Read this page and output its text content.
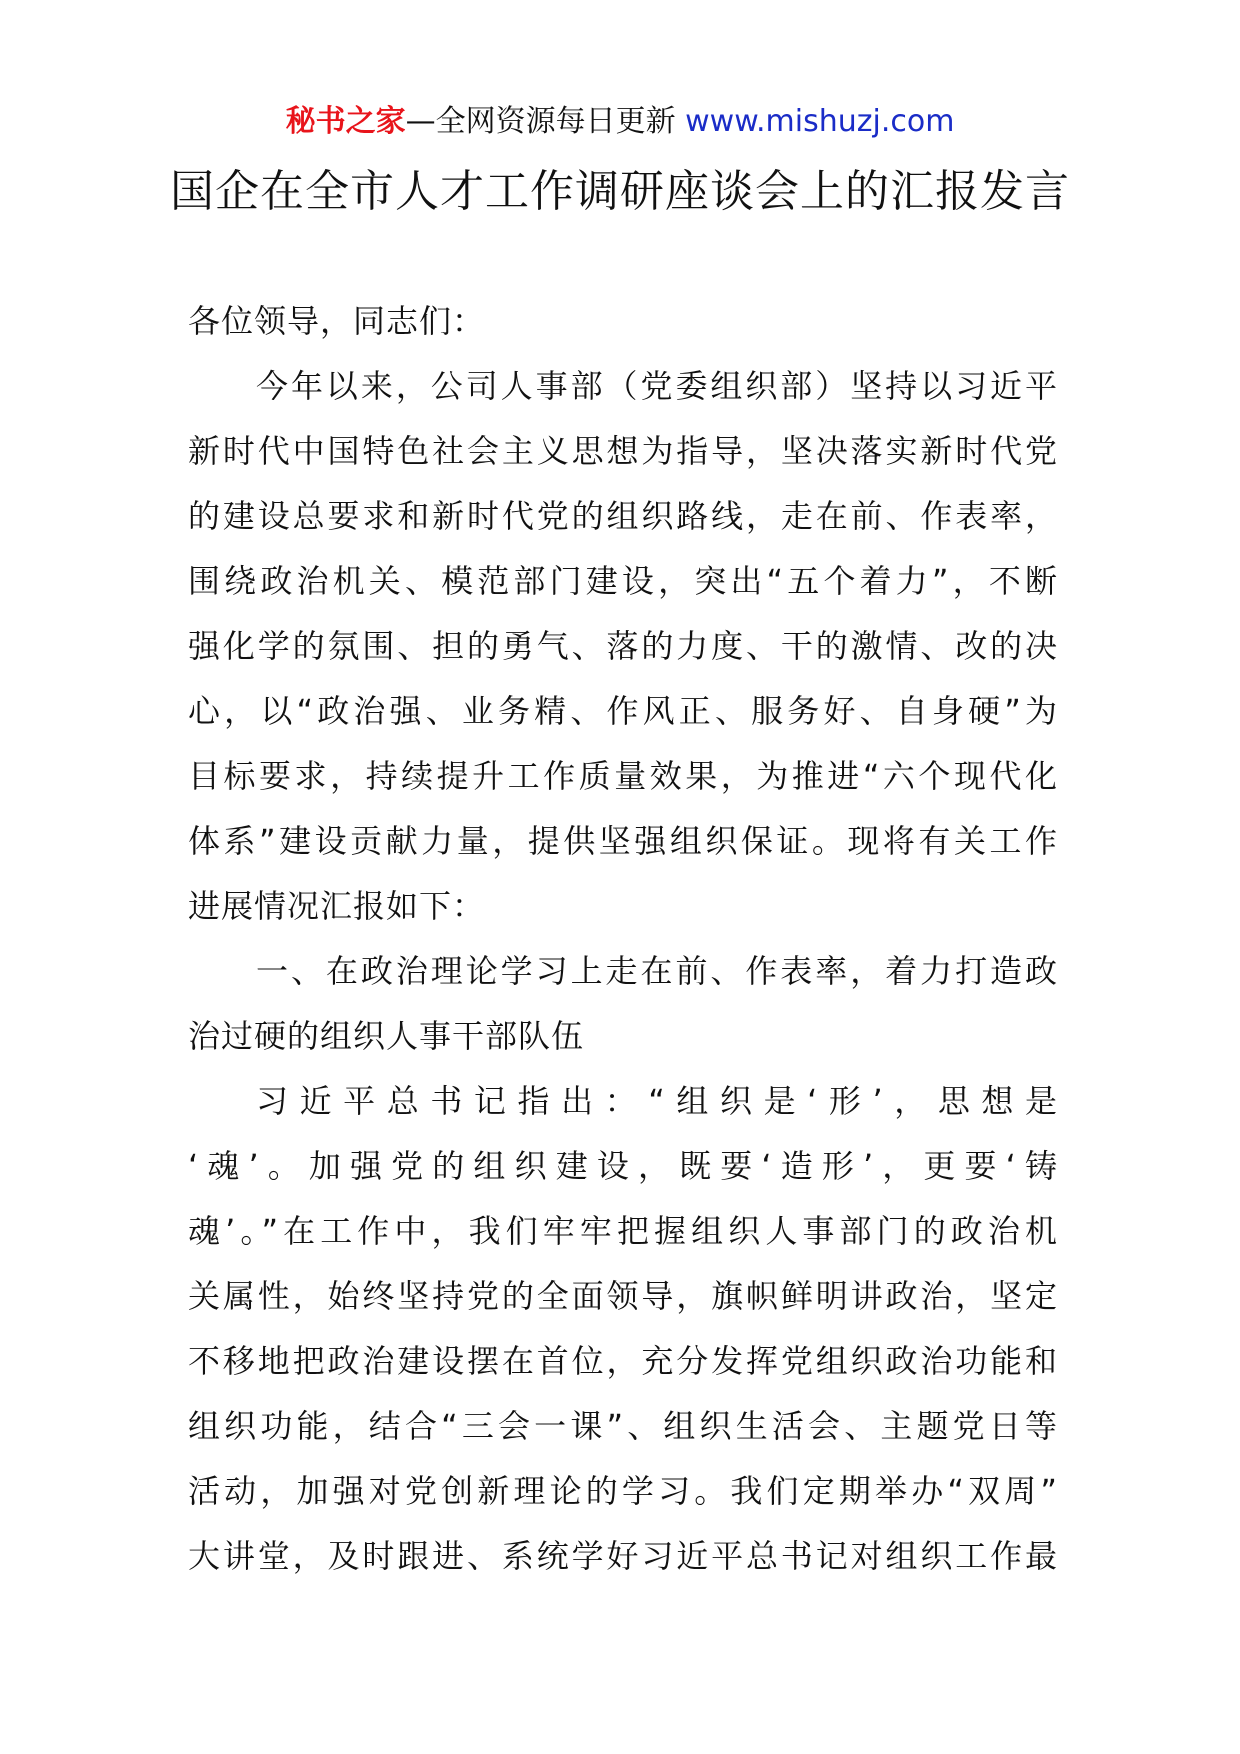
秘书之家—全网资源每日更新 www.mishuzj.com
国企在全市人才工作调研座谈会上的汇报发言
各位领导，同志们：
今年以来，公司人事部（党委组织部）坚持以习近平
新时代中国特色社会主义思想为指导，坚决落实新时代党
的建设总要求和新时代党的组织路线，走在前、作表率，
围绕政治机关、模范部门建设，突出“五个着力”，不断
强化学的氛围、担的勇气、落的力度、干的激情、改的决
心，以“政治强、业务精、作风正、服务好、自身硬”为
目标要求，持续提升工作质量效果，为推进“六个现代化
体系”建设贡献力量，提供坚强组织保证。现将有关工作
进展情况汇报如下：
一、在政治理论学习上走在前、作表率，着力打造政
治过硬的组织人事干部队伍
习近平总书记指出：“组织是‘形’，思想是
‘魂’。加强党的组织建设，既要‘造形’，更要‘铸
魂’。”在工作中，我们牢牢把握组织人事部门的政治机
关属性，始终坚持党的全面领导，旗帜鲜明讲政治，坚定
不移地把政治建设摆在首位，充分发挥党组织政治功能和
组织功能，结合“三会一课”、组织生活会、主题党日等
活动，加强对党创新理论的学习。我们定期举办“双周”
大讲堂，及时跟进、系统学好习近平总书记对组织工作最
